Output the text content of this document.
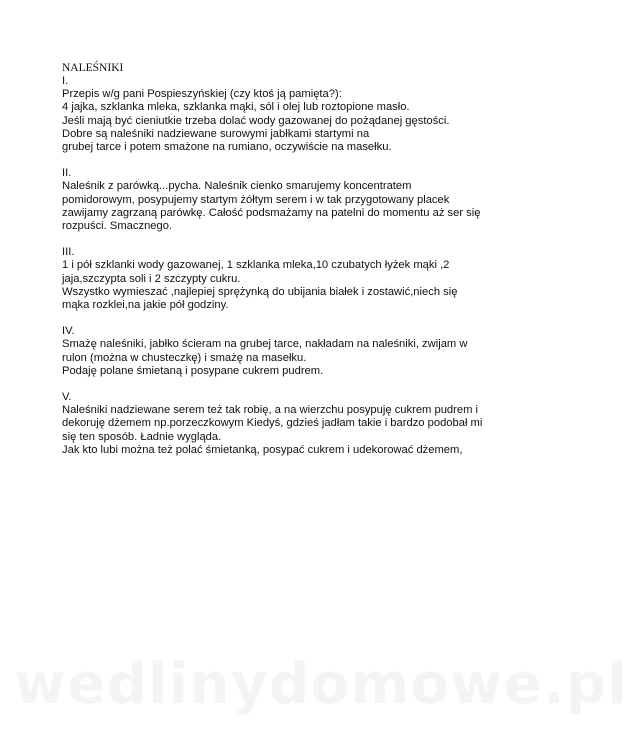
NALEŚNIKI

I.

Przepis w/g pani Pospieszyńskiej (czy ktoś ją pamięta?):

4 jajka, szklanka mleka, szklanka mąki, sól i olej lub roztopione masło.

Jeśli mają być cieniutkie trzeba dolać wody gazowanej do pożądanej gęstości.

Dobre są naleśniki nadziewane surowymi jabłkami startymi na

grubej tarce i potem smażone na rumiano, oczywiście na masełku.

II.

Naleśnik z parówką...pycha. Naleśnik cienko smarujemy koncentratem

pomidorowym, posypujemy startym żółtym serem i w tak przygotowany placek

zawijamy zagrzaną parówkę. Całość podsmażamy na patelni do momentu aż ser się

rozpuści. Smacznego.

III.

1 i pół szklanki wody gazowanej, 1 szklanka mleka,10 czubatych łyżek mąki ,2

jaja,szczypta soli i 2 szczypty cukru.

Wszystko wymieszać ,najlepiej sprężynką do ubijania białek i zostawić,niech się

mąka rozklei,na jakie pół godziny.

IV.

Smażę naleśniki, jabłko ścieram na grubej tarce, nakładam na naleśniki, zwijam w

rulon (można w chusteczkę) i smażę na masełku.

Podaję polane śmietaną i posypane cukrem pudrem.

V.

Naleśniki nadziewane serem też tak robię, a na wierzchu posypuję cukrem pudrem i

dekoruję dżemem np.porzeczkowym Kiedyś, gdzieś jadłam takie i bardzo podobał mi

się ten sposób. Ładnie wygląda.

Jak kto lubi można też polać śmietanką, posypać cukrem i udekorować dżemem,

wedlinydomowe.pl
